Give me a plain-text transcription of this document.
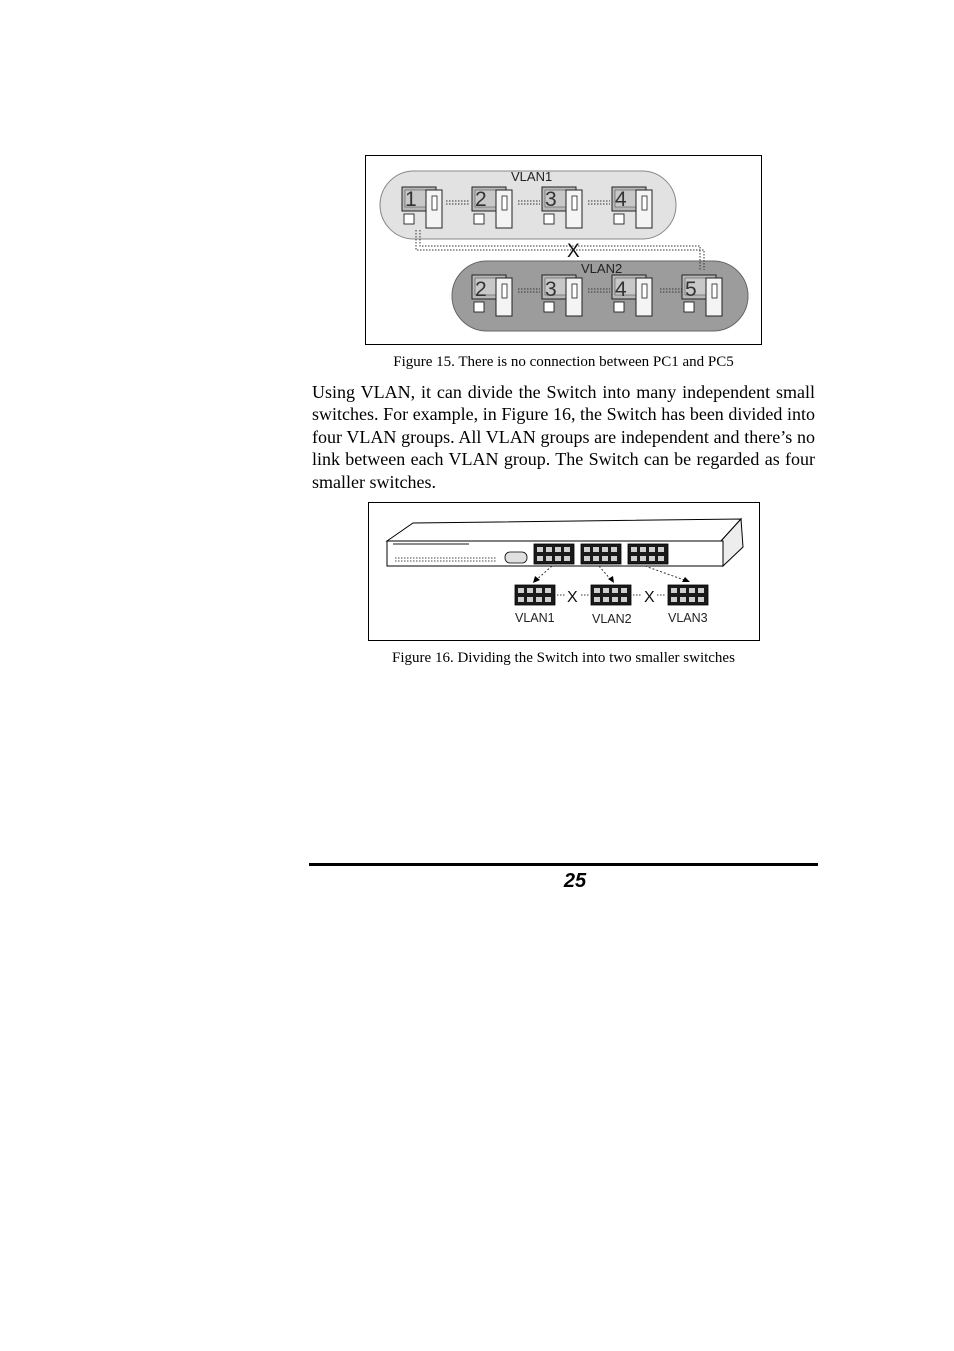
VLAN1
VLAN2
X
1	2	3	4
2	3	4	5
Figure 15. There is no connection between PC1 and PC5

Using VLAN, it can divide the Switch into many independent small switches. For example, in Figure 16, the Switch has been divided into four VLAN groups. All VLAN groups are independent and there’s no link between each VLAN group. The Switch can be regarded as four smaller switches.

X	X
VLAN1	VLAN2	VLAN3
Figure 16. Dividing the Switch into two smaller switches
25
